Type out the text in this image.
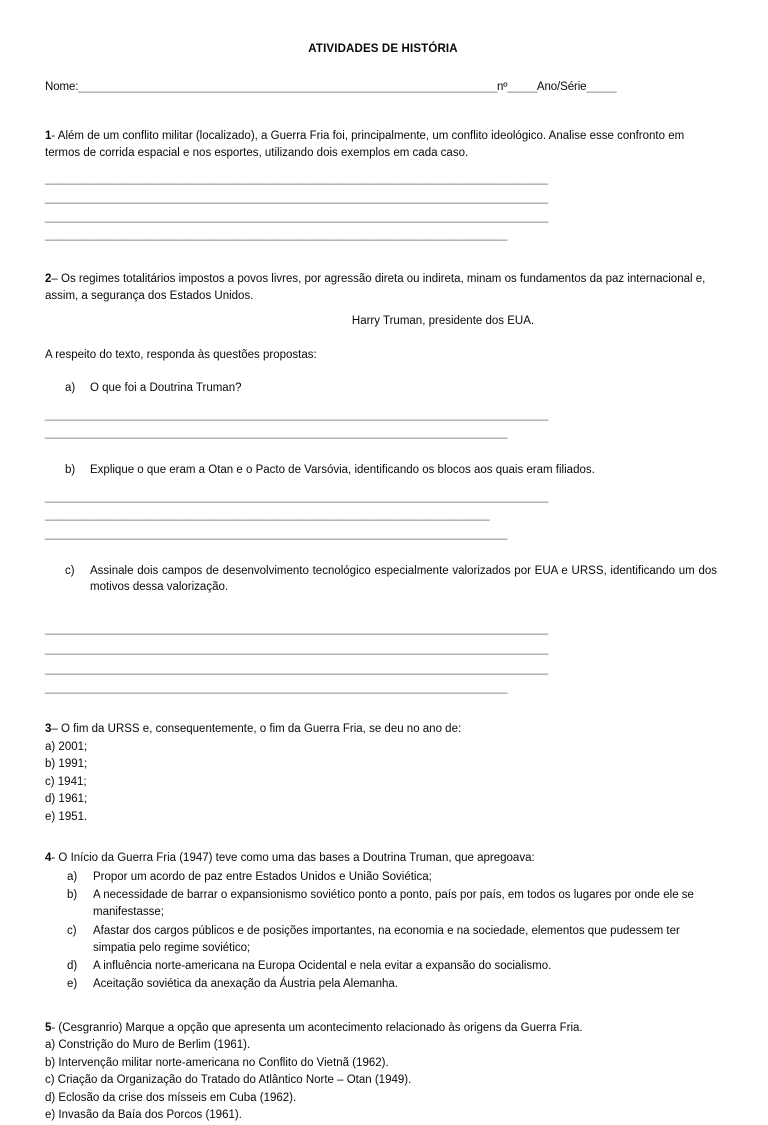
ATIVIDADES DE HISTÓRIA
Nome:_______________________________________________________________________nº_____Ano/Série_____
1- Além de um conflito militar (localizado), a Guerra Fria foi, principalmente, um conflito ideológico. Analise esse confronto em termos de corrida espacial e nos esportes, utilizando dois exemplos em cada caso.
______________________________________________________________________________________
______________________________________________________________________________________
______________________________________________________________________________________
_______________________________________________________________________________
2– Os regimes totalitários impostos a povos livres, por agressão direta ou indireta, minam os fundamentos da paz internacional e, assim, a segurança dos Estados Unidos.
Harry Truman, presidente dos EUA.
A respeito do texto, responda às questões propostas:
a) O que foi a Doutrina Truman?
______________________________________________________________________________________
_______________________________________________________________________________
b) Explique o que eram a Otan e o Pacto de Varsóvia, identificando os blocos aos quais eram filiados.
______________________________________________________________________________________
____________________________________________________________________________
_______________________________________________________________________________
c) Assinale dois campos de desenvolvimento tecnológico especialmente valorizados por EUA e URSS, identificando um dos motivos dessa valorização.
______________________________________________________________________________________
______________________________________________________________________________________
______________________________________________________________________________________
_______________________________________________________________________________
3– O fim da URSS e, consequentemente, o fim da Guerra Fria, se deu no ano de:
a) 2001;
b) 1991;
c) 1941;
d) 1961;
e) 1951.
4- O Início da Guerra Fria (1947) teve como uma das bases a Doutrina Truman, que apregoava:
a) Propor um acordo de paz entre Estados Unidos e União Soviética;
b) A necessidade de barrar o expansionismo soviético ponto a ponto, país por país, em todos os lugares por onde ele se manifestasse;
c) Afastar dos cargos públicos e de posições importantes, na economia e na sociedade, elementos que pudessem ter simpatia pelo regime soviético;
d) A influência norte-americana na Europa Ocidental e nela evitar a expansão do socialismo.
e) Aceitação soviética da anexação da Áustria pela Alemanha.
5- (Cesgranrio) Marque a opção que apresenta um acontecimento relacionado às origens da Guerra Fria.
a) Constrição do Muro de Berlim (1961).
b) Intervenção militar norte-americana no Conflito do Vietnã (1962).
c) Criação da Organização do Tratado do Atlântico Norte – Otan (1949).
d) Eclosão da crise dos mísseis em Cuba (1962).
e) Invasão da Baía dos Porcos (1961).
